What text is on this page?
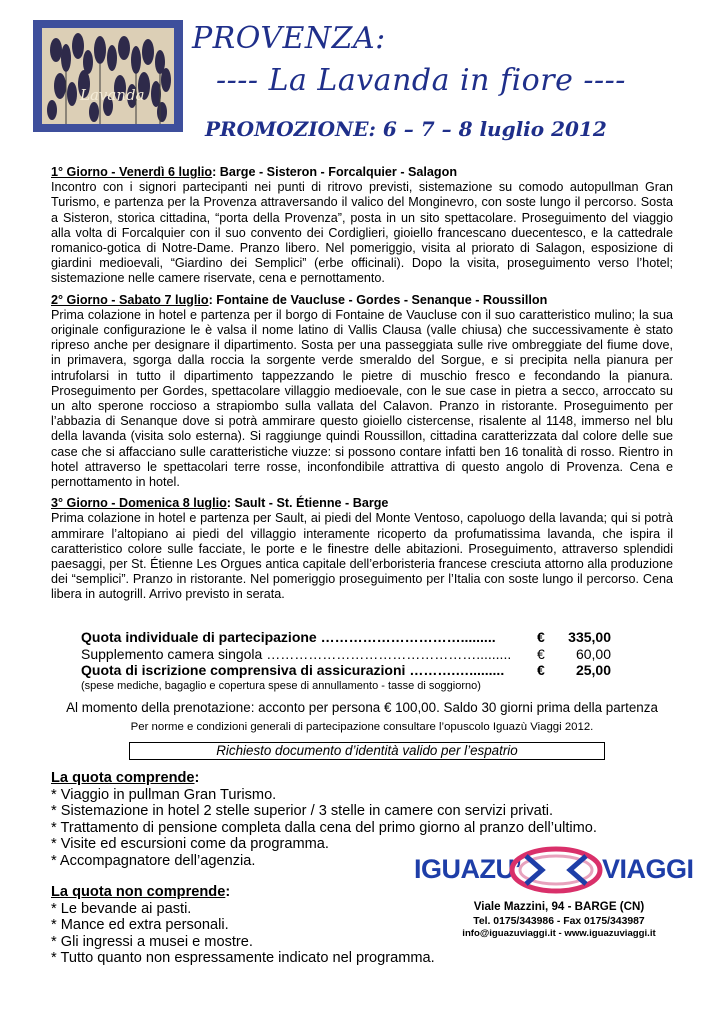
Lavanda
PROVENZA:
---- La Lavanda in fiore ----
PROMOZIONE: 6 – 7 – 8 luglio 2012
1° Giorno - Venerdì 6 luglio: Barge - Sisteron - Forcalquier - Salagon
Incontro con i signori partecipanti nei punti di ritrovo previsti, sistemazione su comodo autopullman Gran Turismo, e partenza per la Provenza attraversando il valico del Monginevro, con soste lungo il percorso. Sosta a Sisteron, storica cittadina, “porta della Provenza”, posta in un sito spettacolare. Proseguimento del viaggio alla volta di Forcalquier con il suo convento dei Cordiglieri, gioiello francescano duecentesco, e la cattedrale romanico-gotica di Notre-Dame. Pranzo libero. Nel pomeriggio, visita al priorato di Salagon, esposizione di giardini medioevali, “Giardino dei Semplici” (erbe officinali). Dopo la visita, proseguimento verso l’hotel; sistemazione nelle camere riservate, cena e pernottamento.
2° Giorno - Sabato 7 luglio: Fontaine de Vaucluse - Gordes - Senanque - Roussillon
Prima colazione in hotel e partenza per il borgo di Fontaine de Vaucluse con il suo caratteristico mulino; la sua originale configurazione le è valsa il nome latino di Vallis Clausa (valle chiusa) che successivamente è stato ripreso anche per designare il dipartimento. Sosta per una passeggiata sulle rive ombreggiate del fiume dove, in primavera, sgorga dalla roccia la sorgente verde smeraldo del Sorgue, e si precipita nella pianura per intrufolarsi in tutto il dipartimento tappezzando le pietre di muschio fresco e fecondando la pianura. Proseguimento per Gordes, spettacolare villaggio medioevale, con le sue case in pietra a secco, arroccato su un alto sperone roccioso a strapiombo sulla vallata del Calavon. Pranzo in ristorante. Proseguimento per l’abbazia di Senanque dove si potrà ammirare questo gioiello cistercense, risalente al 1148, immerso nel blu della lavanda (visita solo esterna). Si raggiunge quindi Roussillon, cittadina caratterizzata dal colore delle sue case che si affacciano sulle caratteristiche viuzze: si possono contare infatti ben 16 tonalità di rosso. Rientro in hotel attraverso le spettacolari terre rosse, inconfondibile attrattiva di questo angolo di Provenza. Cena e pernottamento in hotel.
3° Giorno - Domenica 8 luglio: Sault - St. Étienne - Barge
Prima colazione in hotel e partenza per Sault, ai piedi del Monte Ventoso, capoluogo della lavanda; qui si potrà ammirare l’altopiano ai piedi del villaggio interamente ricoperto da profumatissima lavanda, che ispira il caratteristico colore sulle facciate, le porte e le finestre delle abitazioni. Proseguimento, attraverso splendidi paesaggi, per St. Étienne Les Orgues antica capitale dell’erboristeria francese cresciuta attorno alla produzione dei “semplici”. Pranzo in ristorante. Nel pomeriggio proseguimento per l’Italia con soste lungo il percorso. Cena libera in autogrill. Arrivo previsto in serata.
Quota individuale di partecipazione ………………………….........	€	335,00
Supplemento camera singola ……………………………………….........	€	60,00
Quota di iscrizione comprensiva di assicurazioni ……….….........	€	25,00
(spese mediche, bagaglio e copertura spese di annullamento - tasse di soggiorno)
Al momento della prenotazione: acconto per persona € 100,00. Saldo 30 giorni prima della partenza
Per norme e condizioni generali di partecipazione consultare l’opuscolo Iguazù Viaggi 2012.
Richiesto documento d’identità valido per l’espatrio
La quota comprende:
* Viaggio in pullman Gran Turismo.
* Sistemazione in hotel 2 stelle superior / 3 stelle in camere con servizi privati.
* Trattamento di pensione completa dalla cena del primo giorno al pranzo dell’ultimo.
* Visite ed escursioni come da programma.
* Accompagnatore dell’agenzia.
La quota non comprende:
* Le bevande ai pasti.
* Mance ed extra personali.
* Gli ingressi a musei e mostre.
* Tutto quanto non espressamente indicato nel programma.
IGUAZU’	VIAGGI
Viale Mazzini, 94 - BARGE (CN)
Tel. 0175/343986 - Fax 0175/343987
info@iguazuviaggi.it - www.iguazuviaggi.it
